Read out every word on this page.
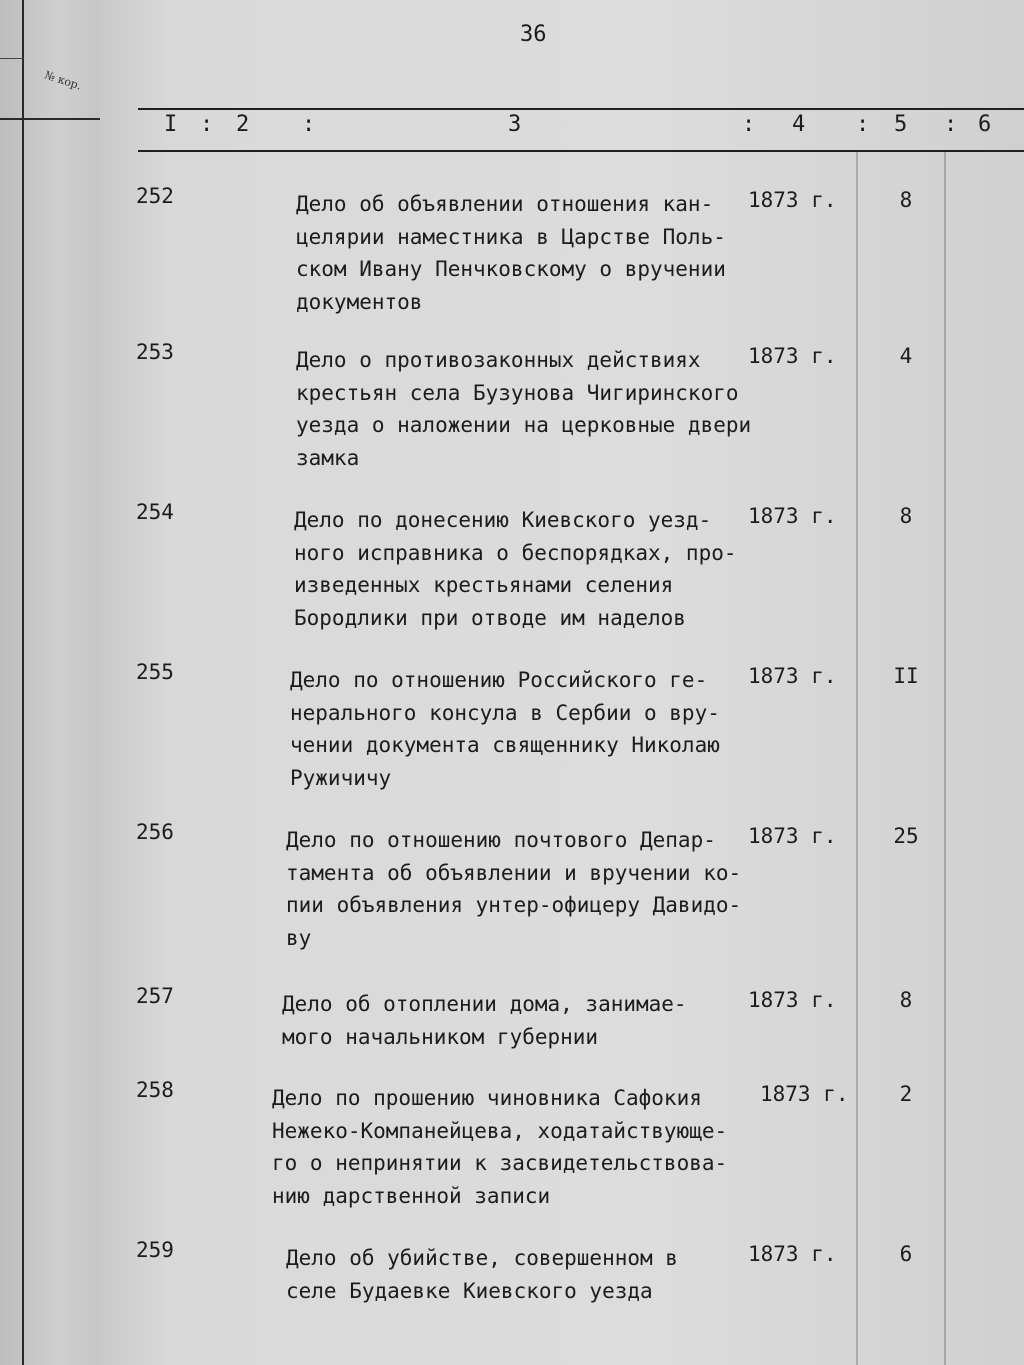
№ кор.
36
I : 2 :	3	: 4 : 5 : 6
252	Дело об объявлении отношения кан-
целярии наместника в Царстве Поль-
ском Ивану Пенчковскому о вручении
документов
1873 г.	8
253	Дело о противозаконных действиях
крестьян села Бузунова Чигиринского
уезда о наложении на церковные двери
замка
1873 г.	4
254	Дело по донесению Киевского уезд-
ного исправника о беспорядках, про-
изведенных крестьянами селения
Бородлики при отводе им наделов
1873 г.	8
255	Дело по отношению Российского ге-
нерального консула в Сербии о вру-
чении документа священнику Николаю
Ружичичу
1873 г.	II
256	Дело по отношению почтового Депар-
тамента об объявлении и вручении ко-
пии объявления унтер-офицеру Давидо-
ву
1873 г.	25
257	Дело об отоплении дома, занимае-
мого начальником губернии
1873 г.	8
258	Дело по прошению чиновника Сафокия
Нежеко-Компанейцева, ходатайствующе-
го о непринятии к засвидетельствова-
нию дарственной записи
1873 г.	2
259	Дело об убийстве, совершенном в
селе Будаевке Киевского уезда
1873 г.	6
